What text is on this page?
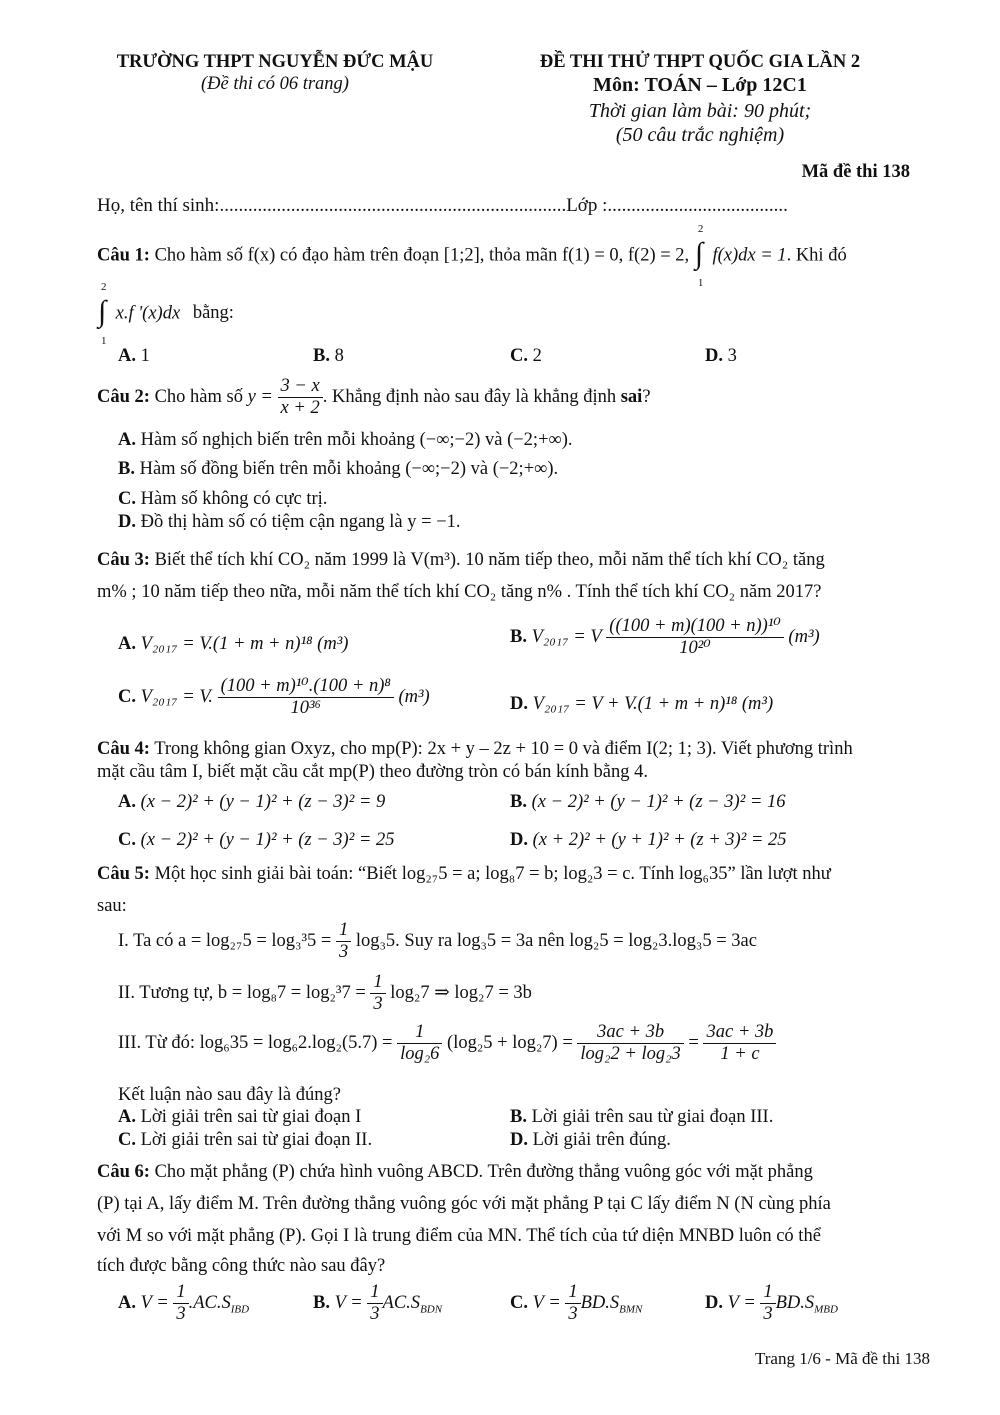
TRƯỜNG THPT NGUYỄN ĐỨC MẬU
(Đề thi có 06 trang)
ĐỀ THI THỬ THPT QUỐC GIA LẦN 2
Môn: TOÁN – Lớp 12C1
Thời gian làm bài: 90 phút;
(50 câu trắc nghiệm)
Mã đề thi 138
Họ, tên thí sinh:.........................................................................Lớp :......................................
Câu 1: Cho hàm số f(x) có đạo hàm trên đoạn [1;2], thỏa mãn f(1) = 0, f(2) = 2,
2
∫
1
f(x)dx = 1. Khi đó
2
∫
1
x.f '(x)dx bằng:
A. 1	B. 8	C. 2	D. 3
Câu 2: Cho hàm số $y = \frac{3 - x}{x + 2}$ . Khẳng định nào sau đây là khẳng định sai?
A. Hàm số nghịch biến trên mỗi khoảng (−∞;−2) và (−2;+∞).
B. Hàm số đồng biến trên mỗi khoảng (−∞;−2) và (−2;+∞).
C. Hàm số không có cực trị.
D. Đồ thị hàm số có tiệm cận ngang là y = −1.
Câu 3: Biết thể tích khí CO₂ năm 1999 là V(m³). 10 năm tiếp theo, mỗi năm thể tích khí CO₂ tăng
m% ; 10 năm tiếp theo nữa, mỗi năm thể tích khí CO₂ tăng n% . Tính thể tích khí CO₂ năm 2017?
A. V₂₀₁₇ = V.(1 + m + n)¹⁸ (m³)	B. V₂₀₁₇ = V $\frac{\text{((100 + m)(100 + n))¹⁰}}{\text{10²⁰}} (m^3)$
C. V₂₀₁₇ = V. $\frac{\text{(100 + m)¹⁰.(100 + n)⁸}}{\text{10³⁶}} (m^3)$	D. V₂₀₁₇ = V + V.(1 + m + n)¹⁸ (m³)
Câu 4: Trong không gian Oxyz, cho mp(P): 2x + y – 2z + 10 = 0 và điểm I(2; 1; 3). Viết phương trình
mặt cầu tâm I, biết mặt cầu cắt mp(P) theo đường tròn có bán kính bằng 4.
A. (x − 2)² + (y − 1)² + (z − 3)² = 9	B. (x − 2)² + (y − 1)² + (z − 3)² = 16
C. (x − 2)² + (y − 1)² + (z − 3)² = 25	D. (x + 2)² + (y + 1)² + (z + 3)² = 25
Câu 5: Một học sinh giải bài toán: “Biết log₂₇5 = a; log₈7 = b; log₂3 = c. Tính log₆35” lần lượt như
sau:
I. Ta có $a = \log_{27}5 = \log_3^35 = \frac{1}{3} \log_35$. Suy ra log₃5 = 3a nên log₂5 = log₂3.log₃5 = 3ac
II. Tương tự, $b = \log_87 = \log_2^37 = \frac{1}{3} \log_27$ ⇒ log₂7 = 3b
III. Từ đó: $\log_635 = \log_62.\log_2(5.7) = \frac{1}{\text{log₂6}} (\log_25 + \log_27) = \frac{3ac + 3b}{\text{log₂2 + log₂3}} = \frac{3ac + 3b}{1 + c}$
Kết luận nào sau đây là đúng?
A. Lời giải trên sai từ giai đoạn I	B. Lời giải trên sau từ giai đoạn III.
C. Lời giải trên sai từ giai đoạn II.	D. Lời giải trên đúng.
Câu 6: Cho mặt phẳng (P) chứa hình vuông ABCD. Trên đường thẳng vuông góc với mặt phẳng
(P) tại A, lấy điểm M. Trên đường thẳng vuông góc với mặt phẳng P tại C lấy điểm N (N cùng phía
với M so với mặt phẳng (P). Gọi I là trung điểm của MN. Thể tích của tứ diện MNBD luôn có thể
tích được bằng công thức nào sau đây?
A. $V = \frac{1}{3} .AC.S_{IBD}$	B. $V = \frac{1}{3} AC.S_{BDN}$	C. $V = \frac{1}{3} BD.S_{BMN}$	D. $V = \frac{1}{3} BD.S_{MBD}$
Trang 1/6 - Mã đề thi 138
